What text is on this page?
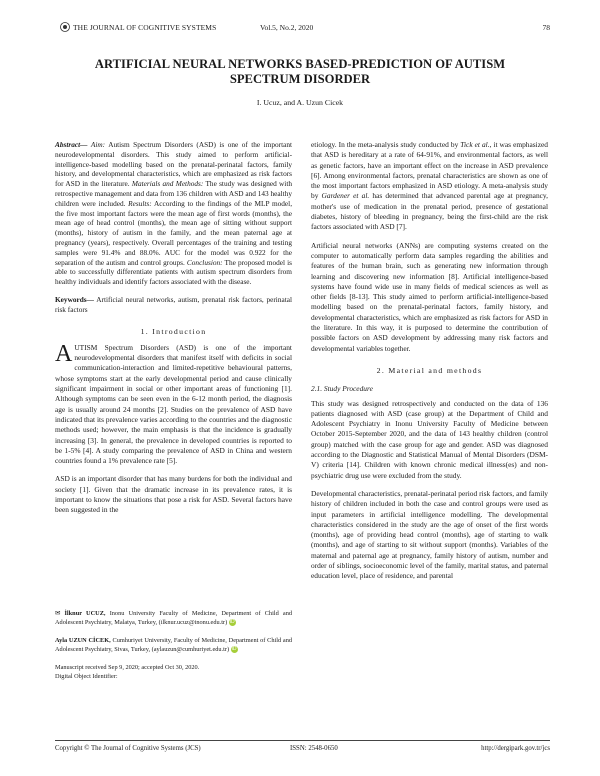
THE JOURNAL OF COGNITIVE SYSTEMS	Vol.5, No.2, 2020	78
ARTIFICIAL NEURAL NETWORKS BASED-PREDICTION OF AUTISM SPECTRUM DISORDER
I. Ucuz, and A. Uzun Cicek

Abstract— Aim: Autism Spectrum Disorders (ASD) is one of the important neurodevelopmental disorders. This study aimed to perform artificial-intelligence-based modelling based on the prenatal-perinatal factors, family history, and developmental characteristics, which are emphasized as risk factors for ASD in the literature. Materials and Methods: The study was designed with retrospective management and data from 136 children with ASD and 143 healthy children were included. Results: According to the findings of the MLP model, the five most important factors were the mean age of first words (months), the mean age of head control (months), the mean age of sitting without support (months), history of autism in the family, and the mean paternal age at pregnancy (years), respectively. Overall percentages of the training and testing samples were 91.4% and 88.0%. AUC for the model was 0.922 for the separation of the autism and control groups. Conclusion: The proposed model is able to successfully differentiate patients with autism spectrum disorders from healthy individuals and identify factors associated with the disease.

Keywords— Artificial neural networks, autism, prenatal risk factors, perinatal risk factors

1. Introduction

A UTISM Spectrum Disorders (ASD) is one of the important neurodevelopmental disorders that manifest itself with deficits in social communication-interaction and limited-repetitive behavioural patterns, whose symptoms start at the early developmental period and cause clinically significant impairment in social or other important areas of functioning [1]. Although symptoms can be seen even in the 6-12 month period, the diagnosis age is usually around 24 months [2]. Studies on the prevalence of ASD have indicated that its prevalence varies according to the countries and the diagnostic methods used; however, the main emphasis is that the incidence is gradually increasing [3]. In general, the prevalence in developed countries is reported to be 1-5% [4]. A study comparing the prevalence of ASD in China and western countries found a 1% prevalence rate [5].

ASD is an important disorder that has many burdens for both the individual and society [1]. Given that the dramatic increase in its prevalence rates, it is important to know the situations that pose a risk for ASD. Several factors have been suggested in the

✉ İlknur UCUZ, Inonu University Faculty of Medicine, Department of Child and Adolescent Psychiatry, Malatya, Turkey, (ilknur.ucuz@inonu.edu.tr) iD

Ayla UZUN CİCEK, Cumhuriyet University, Faculty of Medicine, Department of Child and Adolescent Psychiatry, Sivas, Turkey, (aylauzun@cumhuriyet.edu.tr) iD

Manuscript received Sep 9, 2020; accepted Oct 30, 2020.

Digital Object Identifier:

etiology. In the meta-analysis study conducted by Tick et al., it was emphasized that ASD is hereditary at a rate of 64-91%, and environmental factors, as well as genetic factors, have an important effect on the increase in ASD prevalence [6]. Among environmental factors, prenatal characteristics are shown as one of the most important factors emphasized in ASD etiology. A meta-analysis study by Gardener et al. has determined that advanced parental age at pregnancy, mother's use of medication in the prenatal period, presence of gestational diabetes, history of bleeding in pregnancy, being the first-child are the risk factors associated with ASD [7].

Artificial neural networks (ANNs) are computing systems created on the computer to automatically perform data samples regarding the abilities and features of the human brain, such as generating new information through learning and discovering new information [8]. Artificial intelligence-based systems have found wide use in many fields of medical sciences as well as other fields [8-13]. This study aimed to perform artificial-intelligence-based modelling based on the prenatal-perinatal factors, family history, and developmental characteristics, which are emphasized as risk factors for ASD in the literature. In this way, it is purposed to determine the contribution of possible factors on ASD development by addressing many risk factors and developmental variables together.

2. Material and methods
2.1. Study Procedure

This study was designed retrospectively and conducted on the data of 136 patients diagnosed with ASD (case group) at the Department of Child and Adolescent Psychiatry in Inonu University Faculty of Medicine between October 2015-September 2020, and the data of 143 healthy children (control group) matched with the case group for age and gender. ASD was diagnosed according to the Diagnostic and Statistical Manual of Mental Disorders (DSM-V) criteria [14]. Children with known chronic medical illness(es) and non-psychiatric drug use were excluded from the study.

Developmental characteristics, prenatal-perinatal period risk factors, and family history of children included in both the case and control groups were used as input parameters in artificial intelligence modelling. The developmental characteristics considered in the study are the age of onset of the first words (months), age of providing head control (months), age of starting to walk (months), and age of starting to sit without support (months). Variables of the maternal and paternal age at pregnancy, family history of autism, number and order of siblings, socioeconomic level of the family, marital status, and paternal education level, place of residence, and parental

Copyright © The Journal of Cognitive Systems (JCS)	ISSN: 2548-0650	http://dergipark.gov.tr/jcs
